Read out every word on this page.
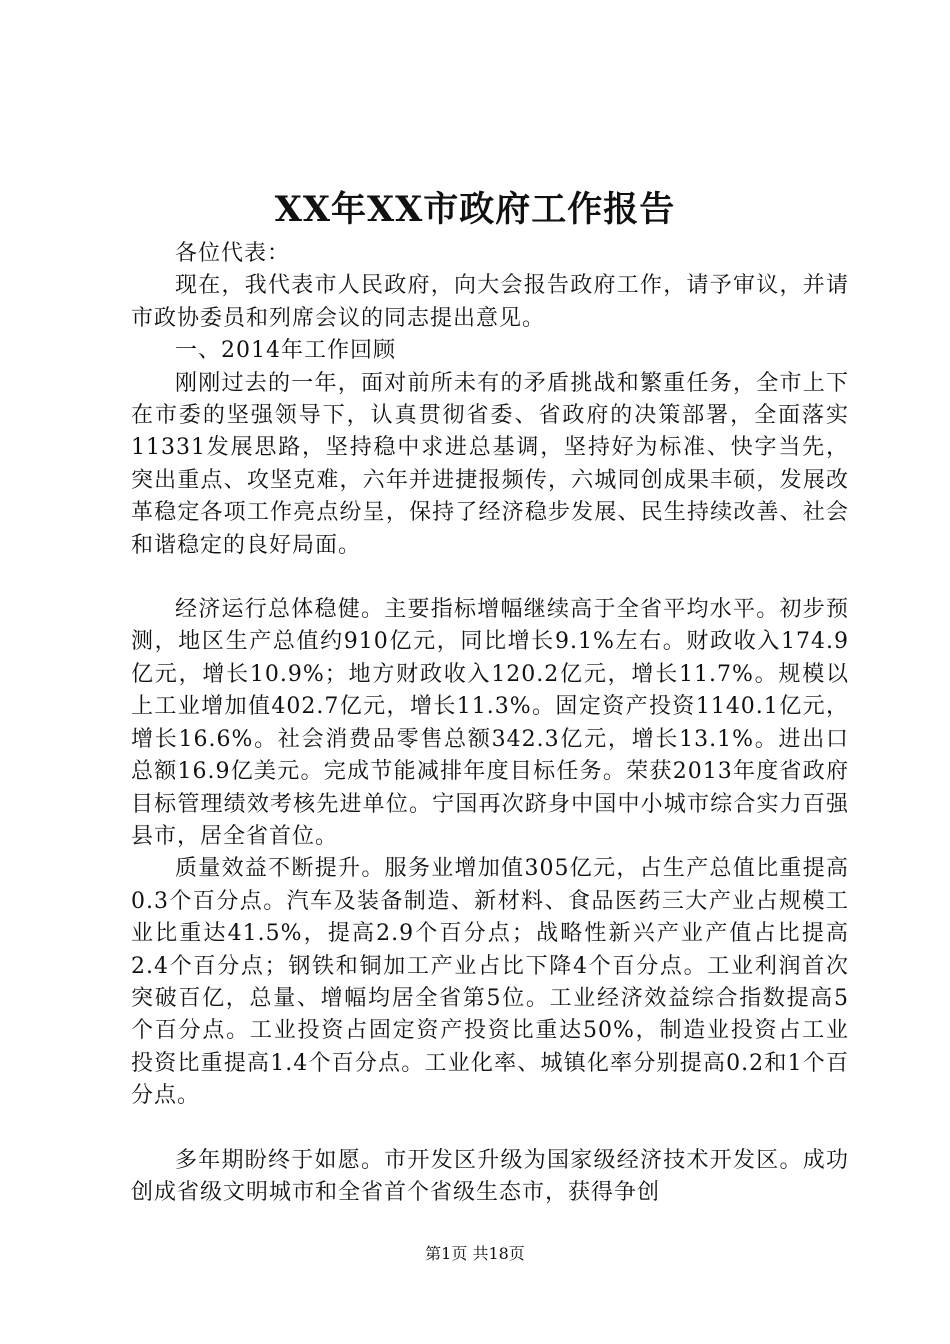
XX年XX市政府工作报告

各位代表：

现在，我代表市人民政府，向大会报告政府工作，请予审议，并请市政协委员和列席会议的同志提出意见。

一、2014年工作回顾

刚刚过去的一年，面对前所未有的矛盾挑战和繁重任务，全市上下在市委的坚强领导下，认真贯彻省委、省政府的决策部署，全面落实11331发展思路，坚持稳中求进总基调，坚持好为标准、快字当先，突出重点、攻坚克难，六年并进捷报频传，六城同创成果丰硕，发展改革稳定各项工作亮点纷呈，保持了经济稳步发展、民生持续改善、社会和谐稳定的良好局面。

经济运行总体稳健。主要指标增幅继续高于全省平均水平。初步预测，地区生产总值约910亿元，同比增长9.1%左右。财政收入174.9亿元，增长10.9%；地方财政收入120.2亿元，增长11.7%。规模以上工业增加值402.7亿元，增长11.3%。固定资产投资1140.1亿元，增长16.6%。社会消费品零售总额342.3亿元，增长13.1%。进出口总额16.9亿美元。完成节能减排年度目标任务。荣获2013年度省政府目标管理绩效考核先进单位。宁国再次跻身中国中小城市综合实力百强县市，居全省首位。

质量效益不断提升。服务业增加值305亿元，占生产总值比重提高0.3个百分点。汽车及装备制造、新材料、食品医药三大产业占规模工业比重达41.5%，提高2.9个百分点；战略性新兴产业产值占比提高2.4个百分点；钢铁和铜加工产业占比下降4个百分点。工业利润首次突破百亿，总量、增幅均居全省第5位。工业经济效益综合指数提高5个百分点。工业投资占固定资产投资比重达50%，制造业投资占工业投资比重提高1.4个百分点。工业化率、城镇化率分别提高0.2和1个百分点。

多年期盼终于如愿。市开发区升级为国家级经济技术开发区。成功创成省级文明城市和全省首个省级生态市，获得争创

第1页 共18页
